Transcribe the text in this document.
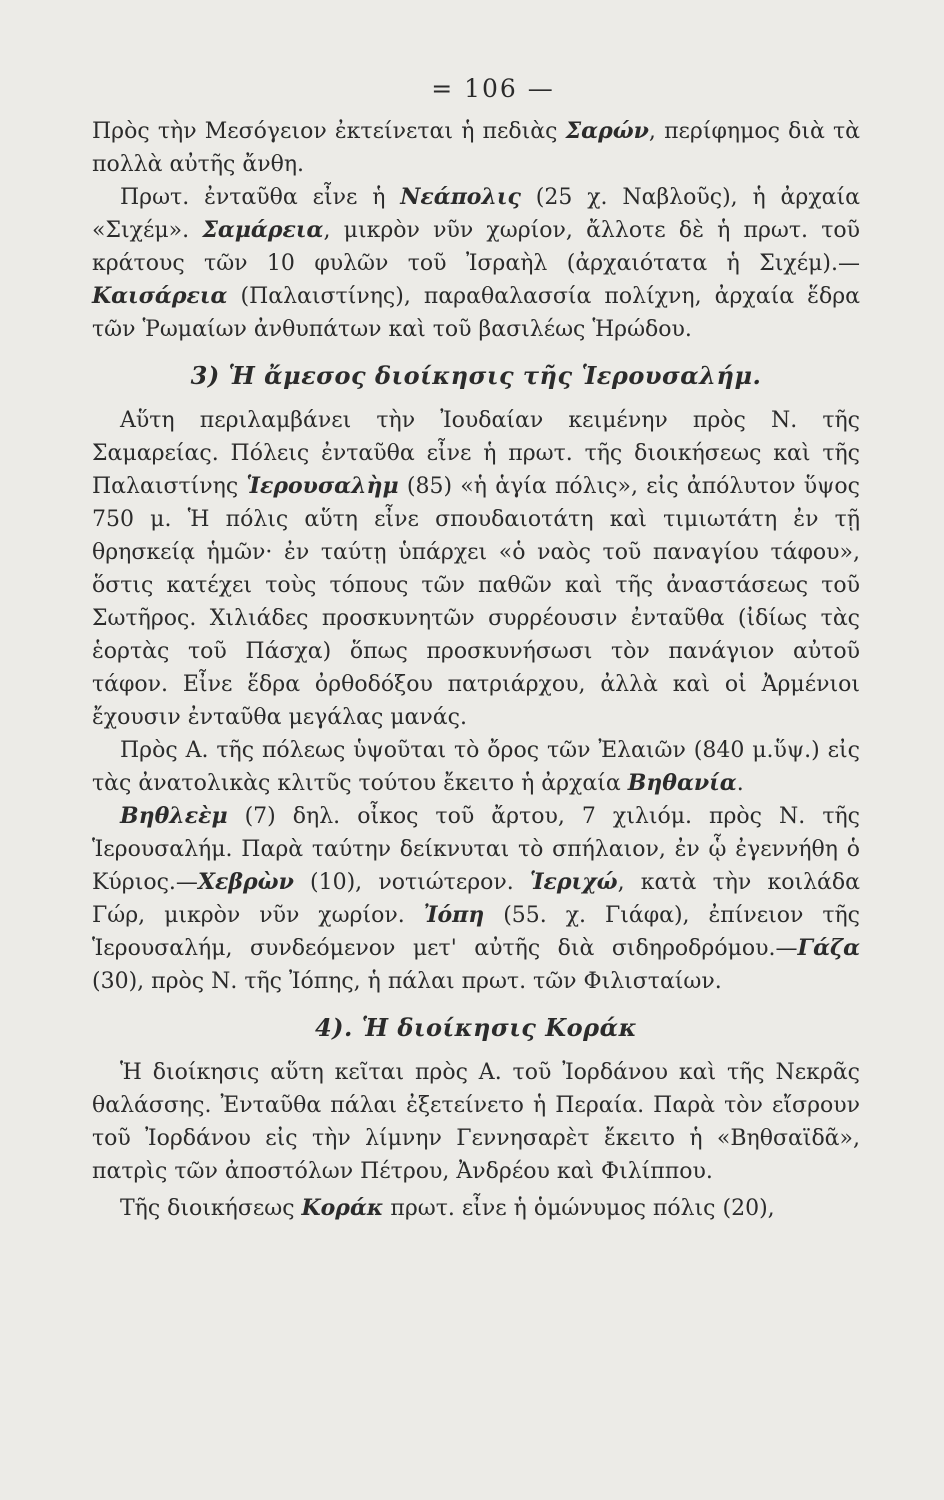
= 106 —

Πρὸς τὴν Μεσόγειον ἐκτείνεται ἡ πεδιὰς Σαρών, περίφημος διὰ τὰ πολλὰ αὐτῆς ἄνθη.

Πρωτ. ἐνταῦθα εἶνε ἡ Νεάπολις (25 χ. Ναβλοῦς), ἡ ἀρχαία «Σιχέμ». Σαμάρεια, μικρὸν νῦν χωρίον, ἄλλοτε δὲ ἡ πρωτ. τοῦ κράτους τῶν 10 φυλῶν τοῦ Ἰσραὴλ (ἀρχαιότατα ἡ Σιχέμ).—Καισάρεια (Παλαιστίνης), παραθαλασσία πολίχνη, ἀρχαία ἕδρα τῶν Ῥωμαίων ἀνθυπάτων καὶ τοῦ βασιλέως Ἡρώδου.

3) Ἡ ἄμεσος διοίκησις τῆς Ἱερουσαλήμ.

Αὕτη περιλαμβάνει τὴν Ἰουδαίαν κειμένην πρὸς Ν. τῆς Σαμαρείας. Πόλεις ἐνταῦθα εἶνε ἡ πρωτ. τῆς διοικήσεως καὶ τῆς Παλαιστίνης Ἱερουσαλὴμ (85) «ἡ ἁγία πόλις», εἰς ἀπόλυτον ὕψος 750 μ. Ἡ πόλις αὕτη εἶνε σπουδαιοτάτη καὶ τιμιωτάτη ἐν τῇ θρησκείᾳ ἡμῶν· ἐν ταύτῃ ὑπάρχει «ὁ ναὸς τοῦ παναγίου τάφου», ὅστις κατέχει τοὺς τόπους τῶν παθῶν καὶ τῆς ἀναστάσεως τοῦ Σωτῆρος. Χιλιάδες προσκυνητῶν συρρέουσιν ἐνταῦθα (ἰδίως τὰς ἑορτὰς τοῦ Πάσχα) ὅπως προσκυνήσωσι τὸν πανάγιον αὐτοῦ τάφον. Εἶνε ἕδρα ὀρθοδόξου πατριάρχου, ἀλλὰ καὶ οἱ Ἀρμένιοι ἔχουσιν ἐνταῦθα μεγάλας μανάς.

Πρὸς Α. τῆς πόλεως ὑψοῦται τὸ ὄρος τῶν Ἐλαιῶν (840 μ.ὕψ.) εἰς τὰς ἀνατολικὰς κλιτῦς τούτου ἔκειτο ἡ ἀρχαία Βηθανία.

Βηθλεὲμ (7) δηλ. οἶκος τοῦ ἄρτου, 7 χιλιόμ. πρὸς Ν. τῆς Ἱερουσαλήμ. Παρὰ ταύτην δείκνυται τὸ σπήλαιον, ἐν ᾧ ἐγεννήθη ὁ Κύριος.—Χεβρὼν (10), νοτιώτερον. Ἱεριχώ, κατὰ τὴν κοιλάδα Γώρ, μικρὸν νῦν χωρίον. Ἰόπη (55. χ. Γιάφα), ἐπίνειον τῆς Ἱερουσαλήμ, συνδεόμενον μετ' αὐτῆς διὰ σιδηροδρόμου.—Γάζα (30), πρὸς Ν. τῆς Ἰόπης, ἡ πάλαι πρωτ. τῶν Φιλισταίων.

4). Ἡ διοίκησις Κοράκ

Ἡ διοίκησις αὕτη κεῖται πρὸς Α. τοῦ Ἰορδάνου καὶ τῆς Νεκρᾶς θαλάσσης. Ἐνταῦθα πάλαι ἐξετείνετο ἡ Περαία. Παρὰ τὸν εἴσρουν τοῦ Ἰορδάνου εἰς τὴν λίμνην Γεννησαρὲτ ἔκειτο ἡ «Βηθσαϊδᾶ», πατρὶς τῶν ἀποστόλων Πέτρου, Ἀνδρέου καὶ Φιλίππου.

Τῆς διοικήσεως Κοράκ πρωτ. εἶνε ἡ ὁμώνυμος πόλις (20),
